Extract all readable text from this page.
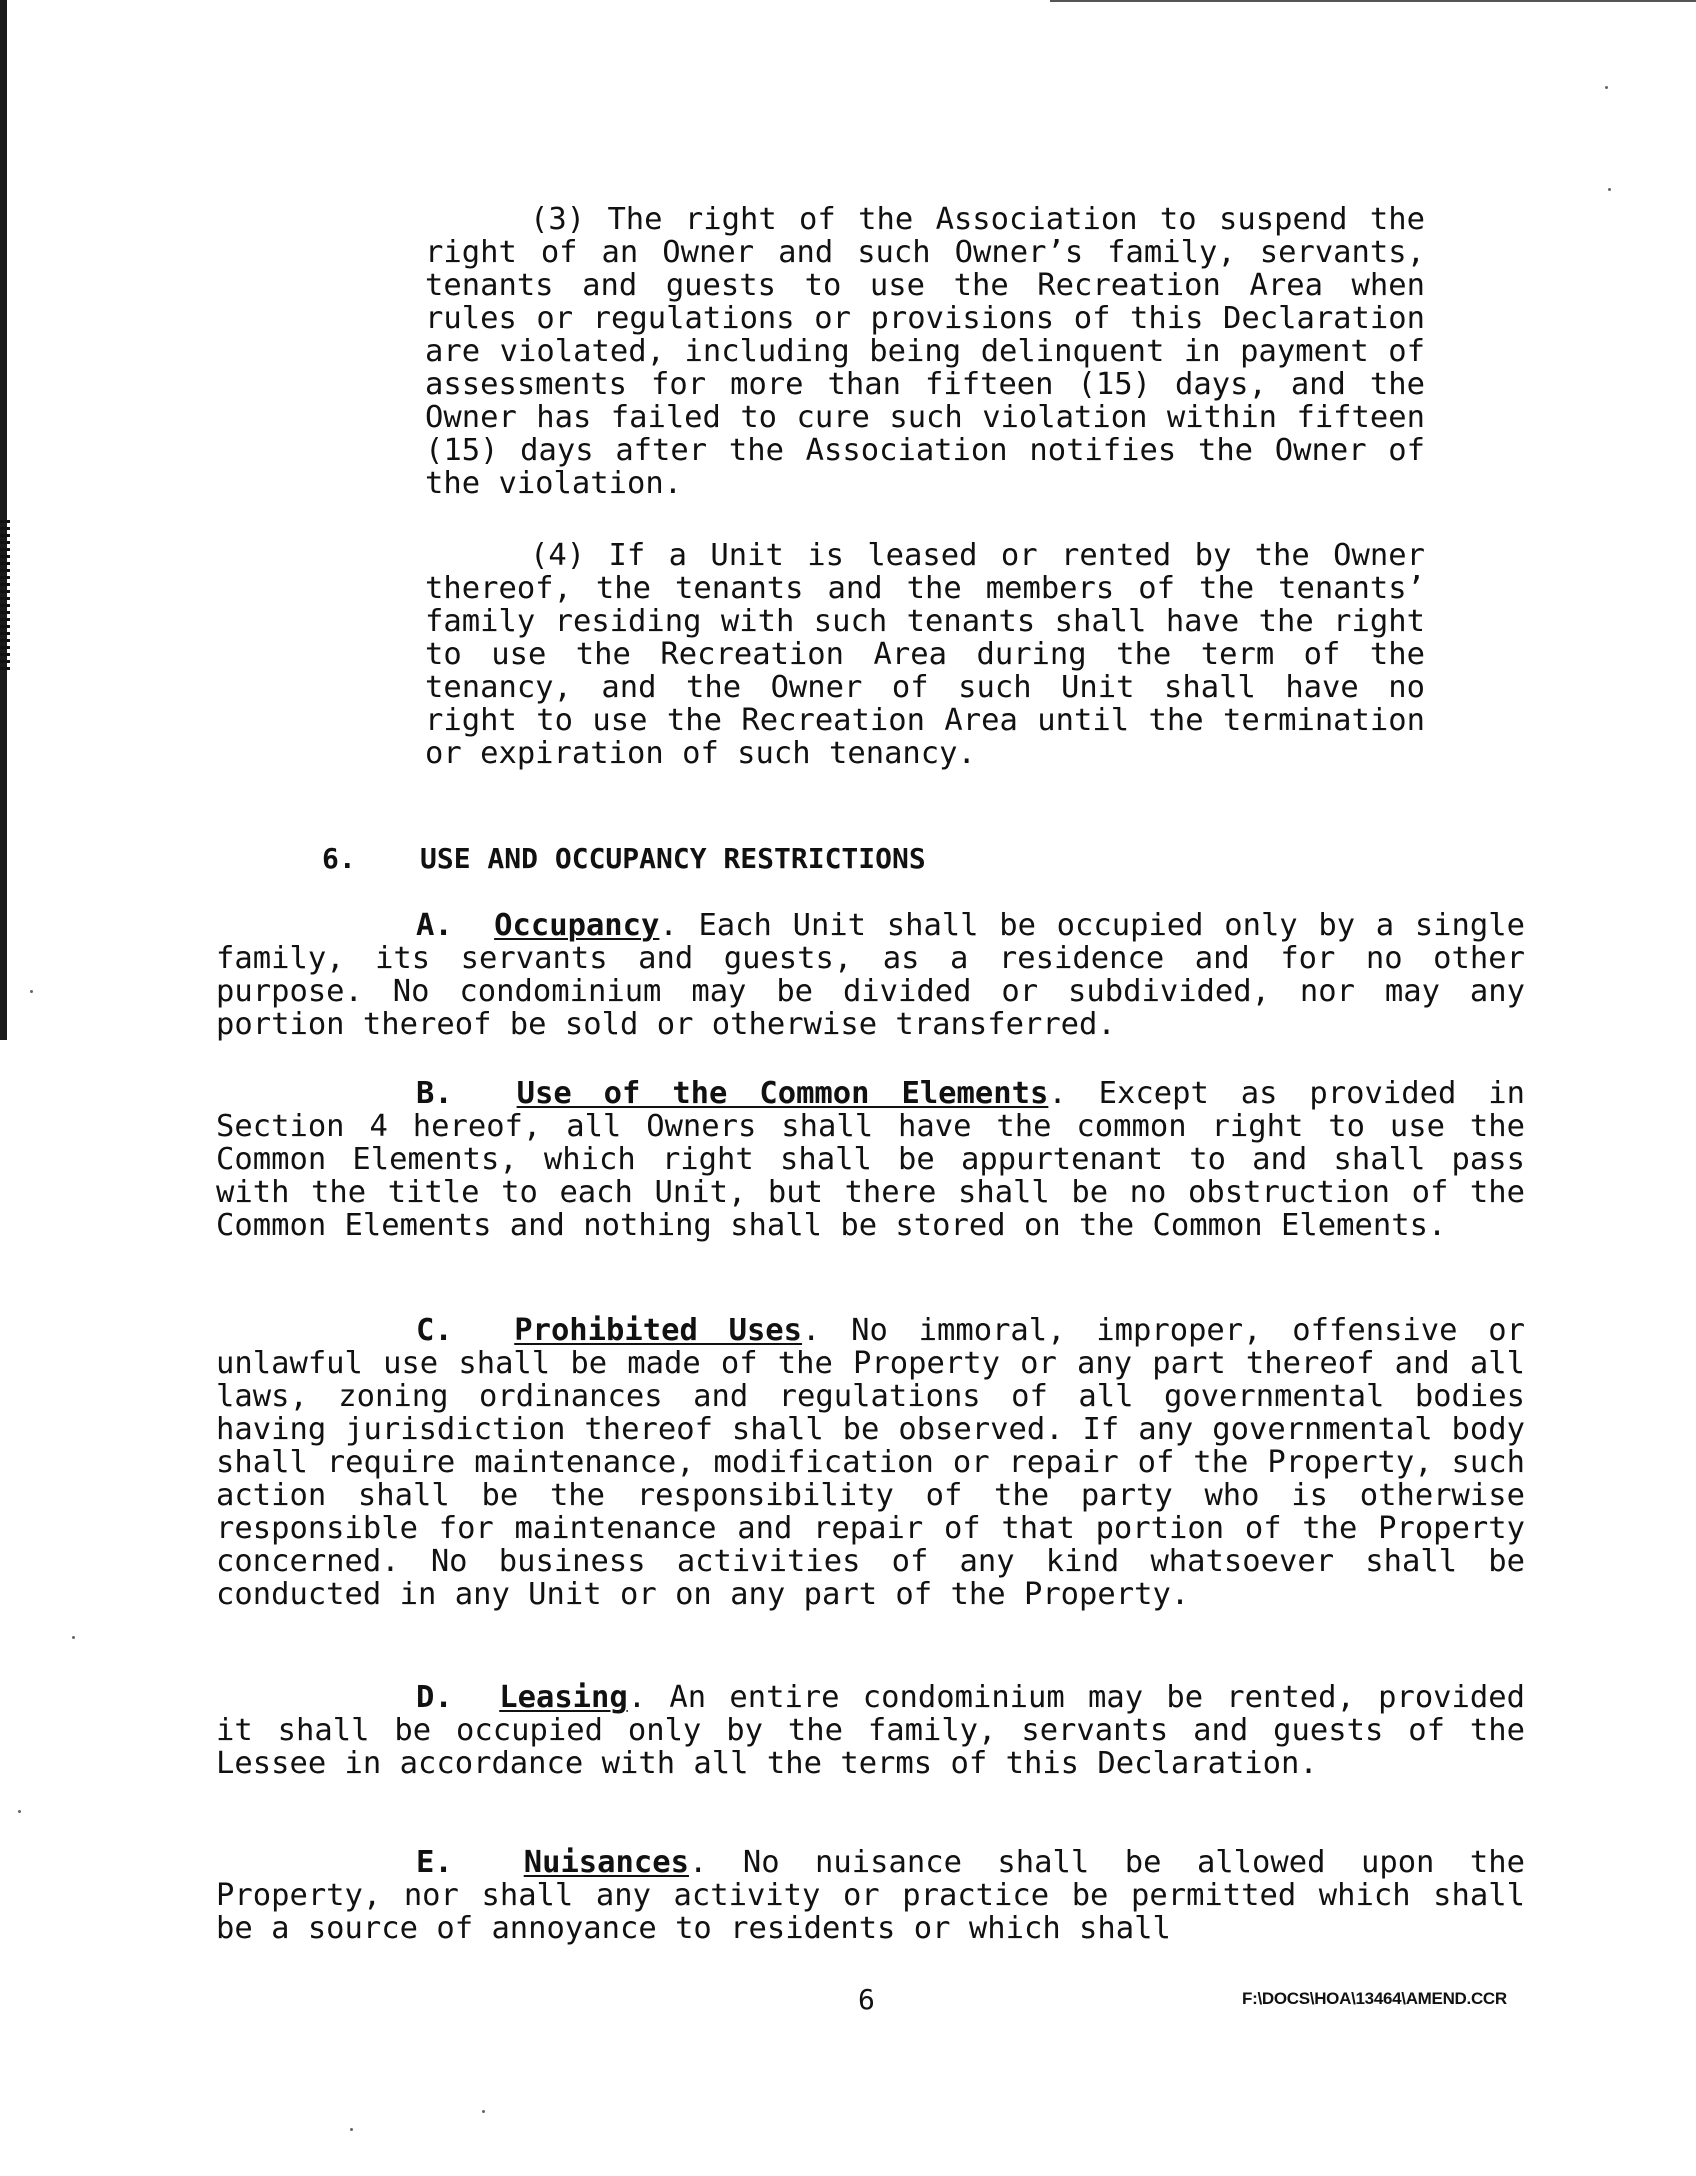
(3) The right of the Association to suspend the right of an Owner and such Owner’s family, servants, tenants and guests to use the Recreation Area when rules or regulations or provisions of this Declaration are violated, including being delinquent in payment of assessments for more than fifteen (15) days, and the Owner has failed to cure such violation within fifteen (15) days after the Association notifies the Owner of the violation.

(4) If a Unit is leased or rented by the Owner thereof, the tenants and the members of the tenants’ family residing with such tenants shall have the right to use the Recreation Area during the term of the tenancy, and the Owner of such Unit shall have no right to use the Recreation Area until the termination or expiration of such tenancy.

6. USE AND OCCUPANCY RESTRICTIONS

A. Occupancy. Each Unit shall be occupied only by a single family, its servants and guests, as a residence and for no other purpose. No condominium may be divided or subdivided, nor may any portion thereof be sold or otherwise transferred.

B. Use of the Common Elements. Except as provided in Section 4 hereof, all Owners shall have the common right to use the Common Elements, which right shall be appurtenant to and shall pass with the title to each Unit, but there shall be no obstruction of the Common Elements and nothing shall be stored on the Common Elements.

C. Prohibited Uses. No immoral, improper, offensive or unlawful use shall be made of the Property or any part thereof and all laws, zoning ordinances and regulations of all governmental bodies having jurisdiction thereof shall be observed. If any governmental body shall require maintenance, modification or repair of the Property, such action shall be the responsibility of the party who is otherwise responsible for maintenance and repair of that portion of the Property concerned. No business activities of any kind whatsoever shall be conducted in any Unit or on any part of the Property.

D. Leasing. An entire condominium may be rented, provided it shall be occupied only by the family, servants and guests of the Lessee in accordance with all the terms of this Declaration.

E. Nuisances. No nuisance shall be allowed upon the Property, nor shall any activity or practice be permitted which shall be a source of annoyance to residents or which shall

6	F:\DOCS\HOA\13464\AMEND.CCR
